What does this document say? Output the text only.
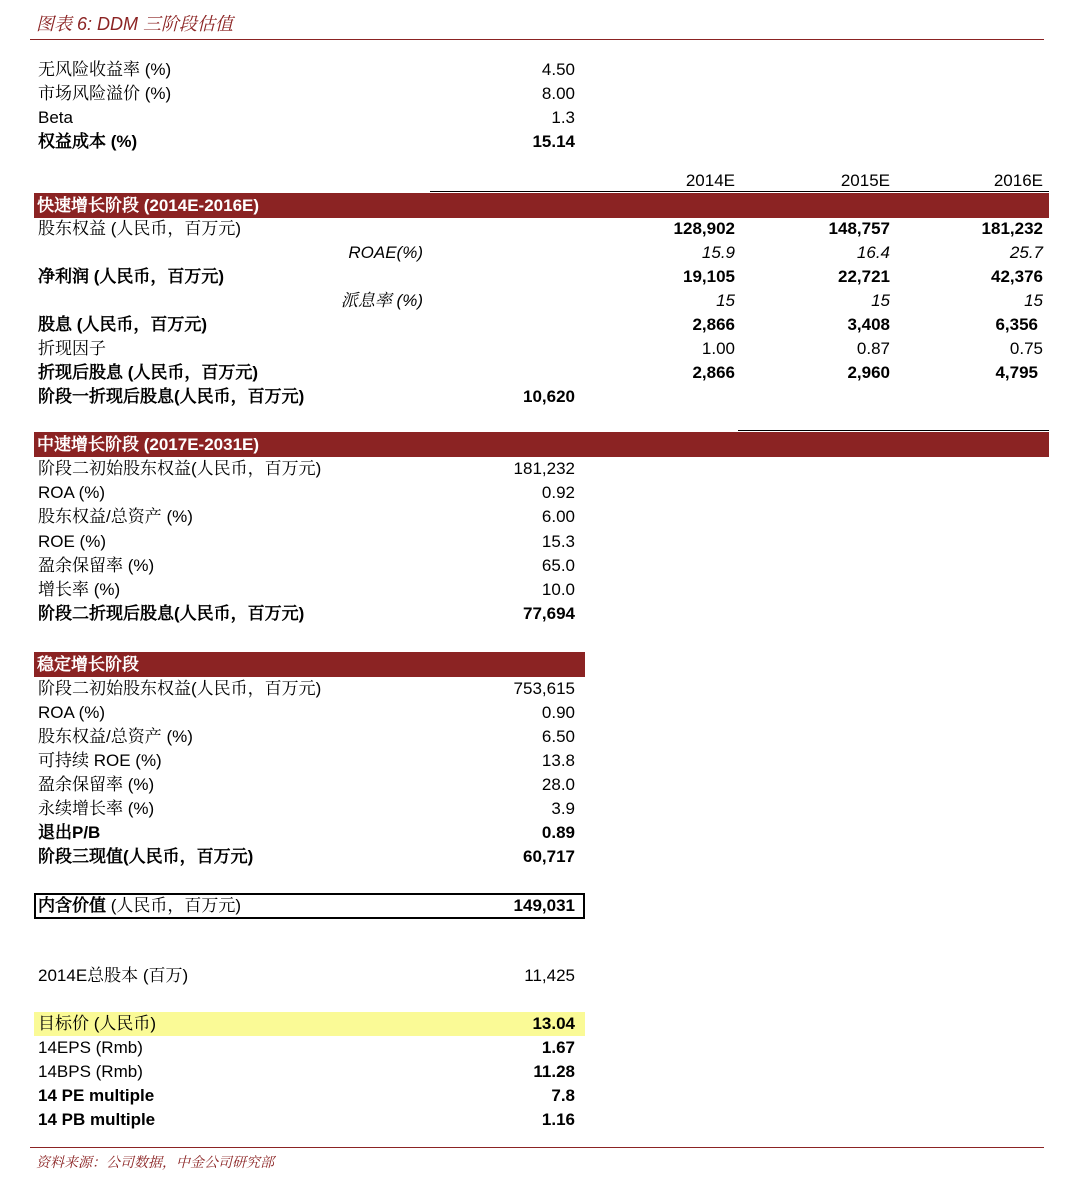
图表 6: DDM 三阶段估值
无风险收益率 (%)	4.50
市场风险溢价 (%)	8.00
Beta	1.3
权益成本 (%)	15.14
2014E	2015E	2016E
快速增长阶段 (2014E-2016E)
股东权益 (人民币，百万元)	128,902	148,757	181,232
ROAE(%)	15.9	16.4	25.7
净利润 (人民币，百万元)	19,105	22,721	42,376
派息率 (%)	15	15	15
股息 (人民币，百万元)	2,866	3,408	6,356
折现因子	1.00	0.87	0.75
折现后股息 (人民币，百万元)	2,866	2,960	4,795
阶段一折现后股息(人民币，百万元)	10,620
中速增长阶段 (2017E-2031E)
阶段二初始股东权益(人民币，百万元)	181,232
ROA (%)	0.92
股东权益/总资产 (%)	6.00
ROE (%)	15.3
盈余保留率 (%)	65.0
增长率 (%)	10.0
阶段二折现后股息(人民币，百万元)	77,694
稳定增长阶段
阶段二初始股东权益(人民币，百万元)	753,615
ROA (%)	0.90
股东权益/总资产 (%)	6.50
可持续 ROE (%)	13.8
盈余保留率 (%)	28.0
永续增长率 (%)	3.9
退出P/B	0.89
阶段三现值(人民币，百万元)	60,717
内含价值 (人民币，百万元)	149,031
2014E总股本 (百万)	11,425
目标价 (人民币)	13.04
14EPS (Rmb)	1.67
14BPS (Rmb)	11.28
14 PE multiple	7.8
14 PB multiple	1.16
资料来源：公司数据，中金公司研究部
